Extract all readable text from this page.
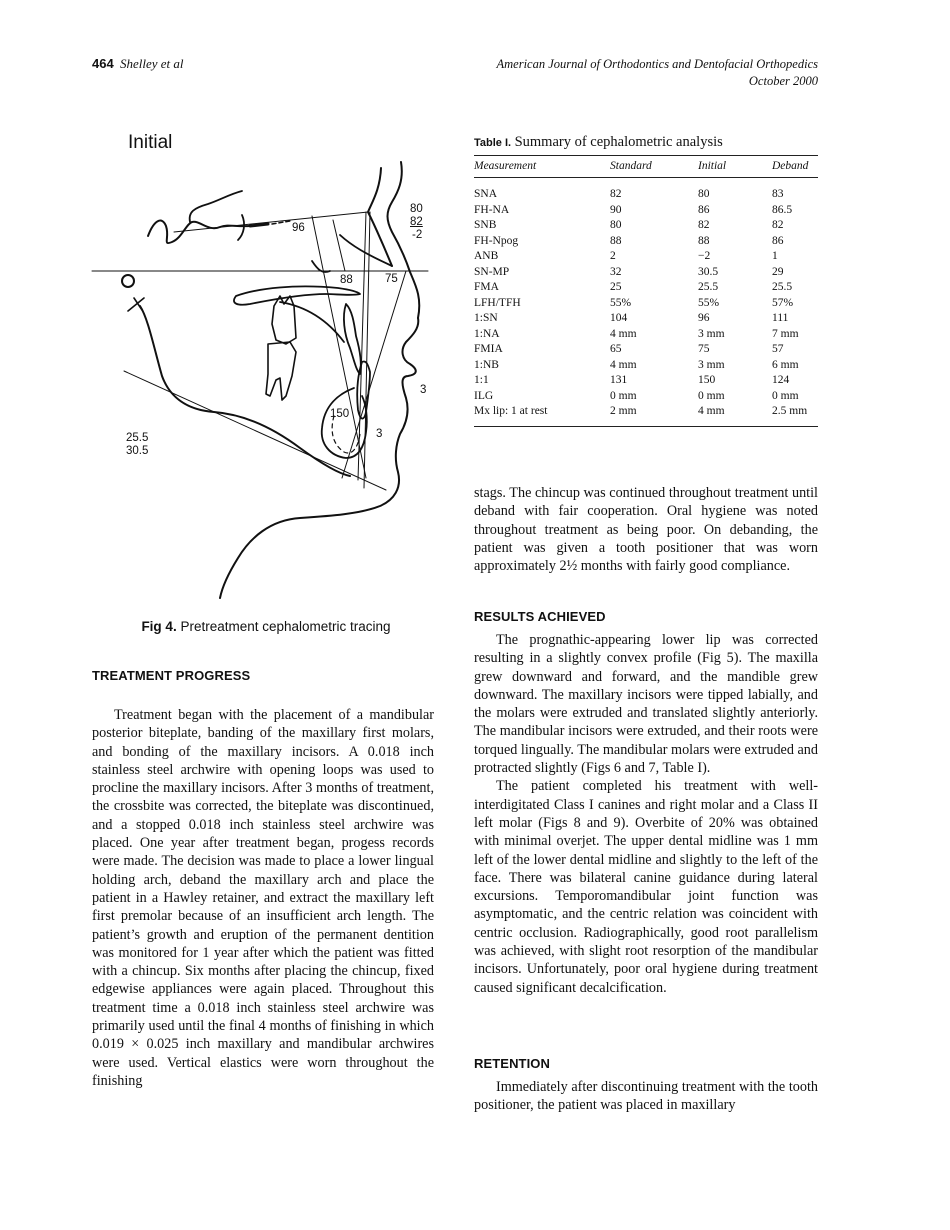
464 Shelley et al	American Journal of Orthodontics and Dentofacial Orthopedics
October 2000
Initial
80
82
-2
96
88	75
3
150
3
25.5
30.5
Fig 4. Pretreatment cephalometric tracing
TREATMENT PROGRESS

Treatment began with the placement of a mandibular posterior biteplate, banding of the maxillary first molars, and bonding of the maxillary incisors. A 0.018 inch stainless steel archwire with opening loops was used to procline the maxillary incisors. After 3 months of treatment, the crossbite was corrected, the biteplate was discontinued, and a stopped 0.018 inch stainless steel archwire was placed. One year after treatment began, progess records were made. The decision was made to place a lower lingual holding arch, deband the maxillary arch and place the patient in a Hawley retainer, and extract the maxillary left first premolar because of an insufficient arch length. The patient’s growth and eruption of the permanent dentition was monitored for 1 year after which the patient was fitted with a chincup. Six months after placing the chincup, fixed edgewise appliances were again placed. Throughout this treatment time a 0.018 inch stainless steel archwire was primarily used until the final 4 months of finishing in which 0.019 × 0.025 inch maxillary and mandibular archwires were used. Vertical elastics were worn throughout the finishing

Table I. Summary of cephalometric analysis
Measurement	Standard	Initial	Deband
SNA	82	80	83
FH-NA	90	86	86.5
SNB	80	82	82
FH-Npog	88	88	86
ANB	2	−2	1
SN-MP	32	30.5	29
FMA	25	25.5	25.5
LFH/TFH	55%	55%	57%
1:SN	104	96	111
1:NA	4 mm	3 mm	7 mm
FMIA	65	75	57
1:NB	4 mm	3 mm	6 mm
1:1	131	150	124
ILG	0 mm	0 mm	0 mm
Mx lip: 1 at rest	2 mm	4 mm	2.5 mm

stags. The chincup was continued throughout treatment until deband with fair cooperation. Oral hygiene was noted throughout treatment as being poor. On debanding, the patient was given a tooth positioner that was worn approximately 2½ months with fairly good compliance.

RESULTS ACHIEVED

The prognathic-appearing lower lip was corrected resulting in a slightly convex profile (Fig 5). The maxilla grew downward and forward, and the mandible grew downward. The maxillary incisors were tipped labially, and the molars were extruded and translated slightly anteriorly. The mandibular incisors were extruded, and their roots were torqued lingually. The mandibular molars were extruded and protracted slightly (Figs 6 and 7, Table I).

The patient completed his treatment with well-interdigitated Class I canines and right molar and a Class II left molar (Figs 8 and 9). Overbite of 20% was obtained with minimal overjet. The upper dental midline was 1 mm left of the lower dental midline and slightly to the left of the face. There was bilateral canine guidance during lateral excursions. Temporomandibular joint function was asymptomatic, and the centric relation was coincident with centric occlusion. Radiographically, good root parallelism was achieved, with slight root resorption of the mandibular incisors. Unfortunately, poor oral hygiene during treatment caused significant decalcification.

RETENTION

Immediately after discontinuing treatment with the tooth positioner, the patient was placed in maxillary
